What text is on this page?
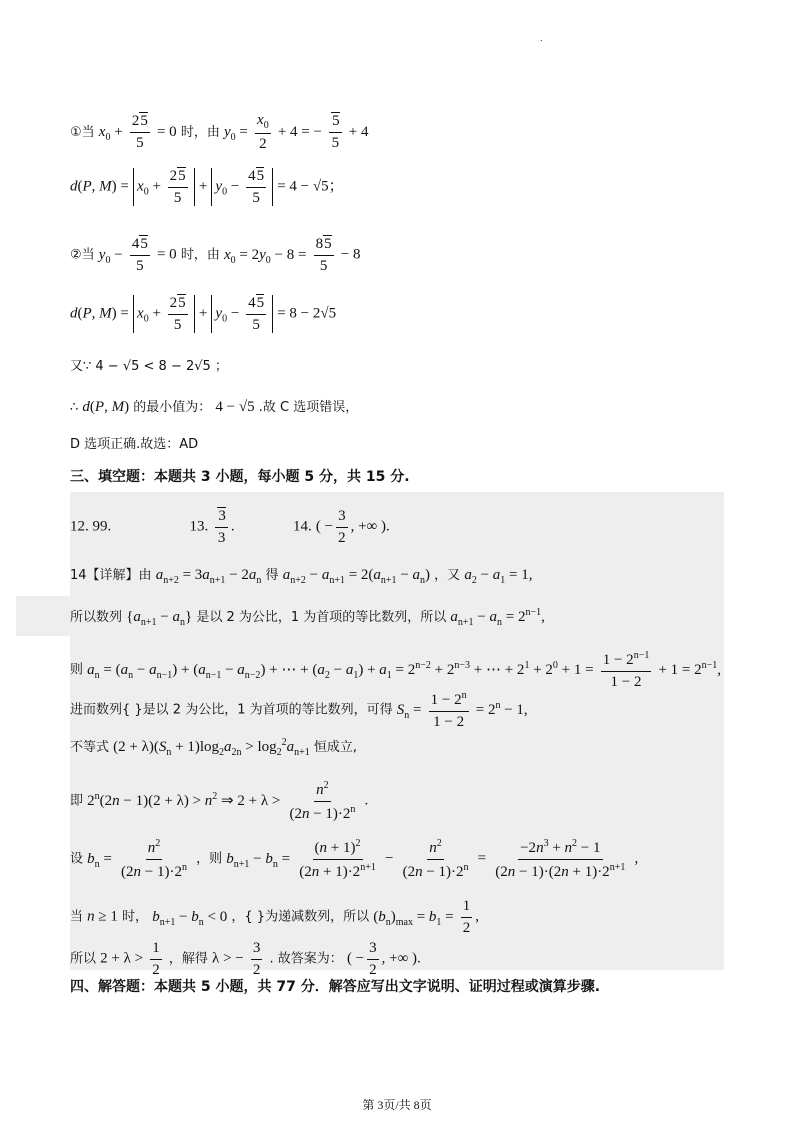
.
①当 $x_0 + \frac{25}{5} = 0$ 时，由 $y_0 = \frac{x_0}{2} + 4$ = − $\frac{5}{5} + 4$
d(P, $M) = x_0 + \frac{25}{5} + y_0 - \frac{45}{5} = 4 - √5$；
②当 $y_0 - \frac{45}{5} = 0$ 时，由 $x_0 = 2y_0 - 8 = \frac{85}{5} - 8$
d(P, $M) = x_0 + \frac{25}{5} + y_0 - \frac{45}{5} = 8 - 2√5$
又∵ 4 − √5 < 8 − 2√5 ；
∴ d(P, M) 的最小值为： 4 − √5 .故 C 选项错误，
D 选项正确.故选：AD
三、填空题：本题共 3 小题，每小题 5 分，共 15 分.
12. 99.	13. $\frac{3}{3}$ .	14. ( − $\frac{3}{2}$ , +∞ ).
14【详解】由 $a_{n+2} = 3a_{n+1} - 2a_n$ 得 $a_{n+2} - a_{n+1} = 2(a_{n+1} - a_n)$ ，又 $a_2 - a_1 = 1$,
所以数列 $\{a_{n+1} - a_n\}$ 是以 2 为公比，1 为首项的等比数列，所以 $a_{n+1} - a_n = 2^{n-1}$,
则 $a_n = (a_n - a_{n-1}) + (a_{n-1} - a_{n-2})$ + ⋯ + $(a_2 - a_1) + a_1 = 2^{n-2} + 2^{n-3}$ + ⋯ + $2^1 + 2^0 + 1 = \frac{1 - 2^{n-1}}{1 - 2} + 1 = 2^{n-1}$,
进而数列{ }是以 2 为公比，1 为首项的等比数列，可得 $S_n = \frac{1 - 2^n}{1 - 2} = 2^n - 1$,
不等式 $(2 + \lambda)(S_n + 1)\log_2a_{2n} > \log_2^2a_{n+1}$ 恒成立,
即 $2^n(2n - 1)(2 + \lambda) > n^2$ ⇒ $2 + \lambda > \frac{n^2}{(2n - 1)\cdot 2^n}$ .
设 $b_n = \frac{n^2}{(2n - 1)\cdot 2^n}$ ，则 $b_{n+1} - b_n = \frac{(n + 1)^2}{(2n + 1)\cdot 2^{n+1}} - \frac{n^2}{(2n - 1)\cdot 2^n} = \frac{-2n^3 + n^2 - 1}{(2n - 1)\cdot(2n + 1)\cdot 2^{n+1}}$ ,
当 n ≥ 1 时， $b_{n+1} - b_n < 0$ ，{ }为递减数列，所以 $(b_n)_{max} = b_1 = \frac{1}{2}$ ,
所以 $2 + \lambda > \frac{1}{2}$ ，解得 λ > − $\frac{3}{2}$ . 故答案为： ( − $\frac{3}{2}$ , +∞ ).
四、解答题：本题共 5 小题，共 77 分．解答应写出文字说明、证明过程或演算步骤.
第 3页/共 8页
